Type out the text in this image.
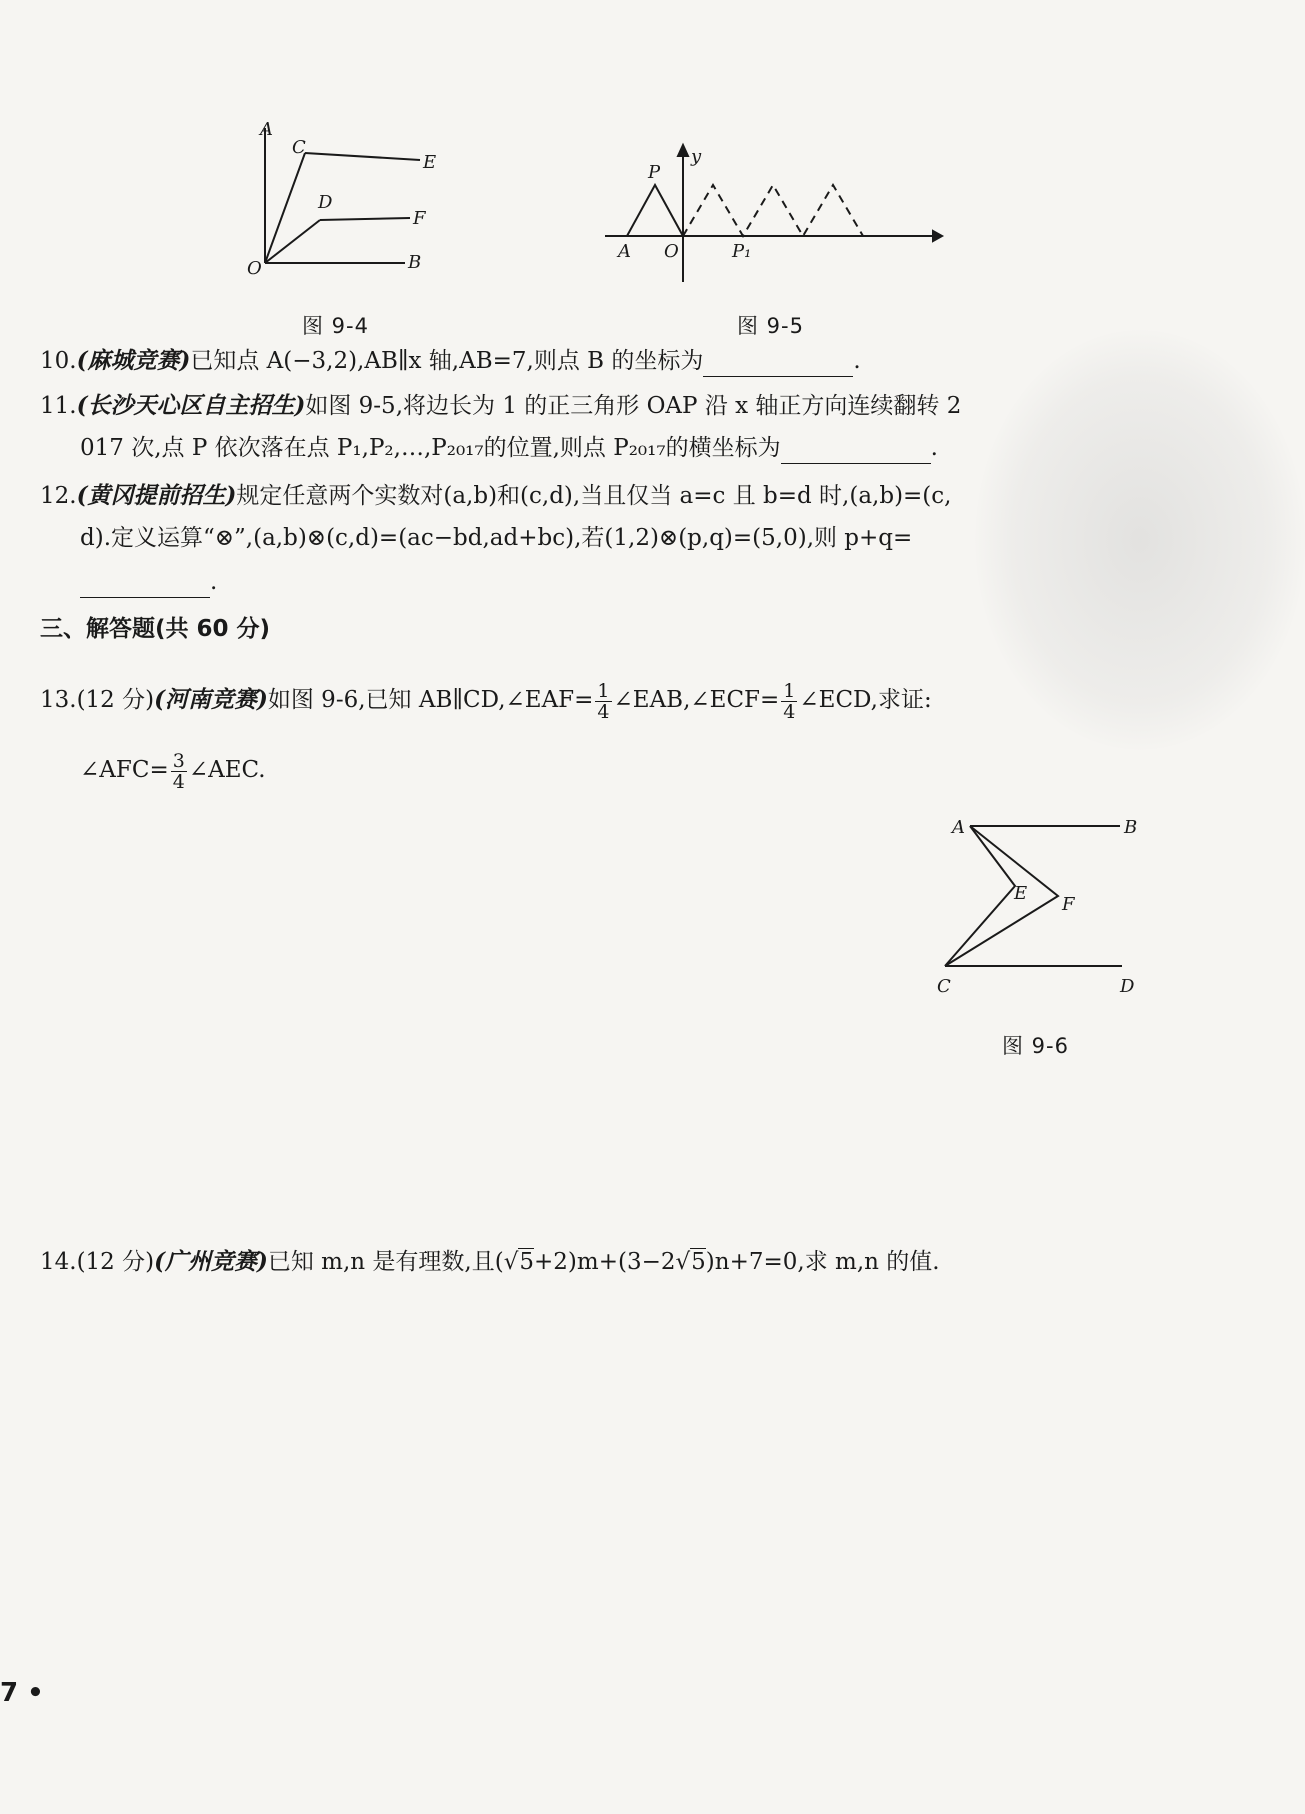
A
C
E
D
F
O	B
图 9-4
P
y
A O	P₁
图 9-5
10.(麻城竞赛)已知点 A(−3,2),AB∥x 轴,AB=7,则点 B 的坐标为	.
11.(长沙天心区自主招生)如图 9-5,将边长为 1 的正三角形 OAP 沿 x 轴正方向连续翻转 2
017 次,点 P 依次落在点 P₁,P₂,…,P₂₀₁₇的位置,则点 P₂₀₁₇的横坐标为	.
12.(黄冈提前招生)规定任意两个实数对(a,b)和(c,d),当且仅当 a=c 且 b=d 时,(a,b)=(c,
d).定义运算“⊗”,(a,b)⊗(c,d)=(ac−bd,ad+bc),若(1,2)⊗(p,q)=(5,0),则 p+q=
.
三、解答题(共 60 分)
13.(12 分)(河南竞赛)如图 9-6,已知 AB∥CD,∠EAF= $\frac{1}{4}$ ∠EAB,∠ECF= $\frac{1}{4}$ ∠ECD,求证:
∠AFC= $\frac{3}{4}$ ∠AEC.
A	B
E
F
C	D
图 9-6
14.(12 分)(广州竞赛)已知 m,n 是有理数,且(√5+2)m+(3−2√5)n+7=0,求 m,n 的值.
7 •
